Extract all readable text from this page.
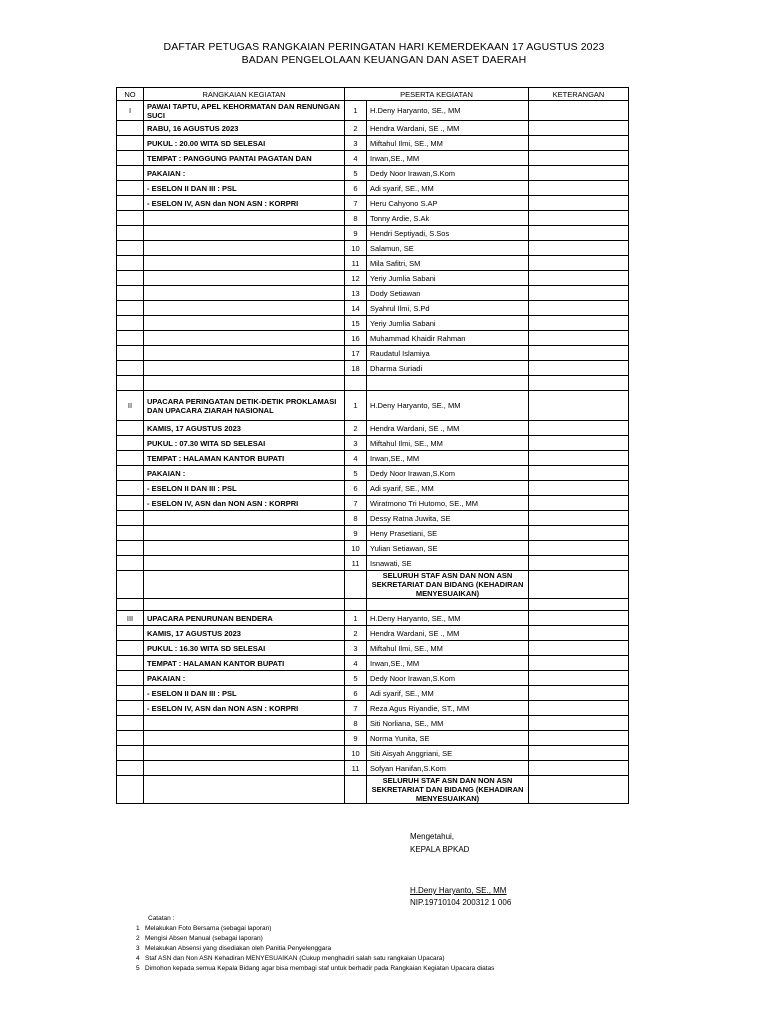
DAFTAR PETUGAS RANGKAIAN PERINGATAN HARI KEMERDEKAAN 17 AGUSTUS 2023
BADAN PENGELOLAAN KEUANGAN DAN ASET DAERAH
NO	RANGKAIAN KEGIATAN	PESERTA KEGIATAN		KETERANGAN
I	PAWAI TAPTU, APEL KEHORMATAN DAN RENUNGAN SUCI	1	H.Deny Haryanto, SE., MM	
	RABU, 16 AGUSTUS 2023	2	Hendra Wardani, SE ., MM	
	PUKUL : 20.00 WITA SD SELESAI	3	Miftahul Ilmi, SE., MM	
	TEMPAT : PANGGUNG PANTAI PAGATAN DAN	4	Irwan,SE., MM	
	PAKAIAN :	5	Dedy Noor Irawan,S.Kom	
	- ESELON II DAN III : PSL	6	Adi syarif, SE., MM	
	- ESELON IV, ASN dan NON ASN : KORPRI	7	Heru Cahyono S.AP	
		8	Tonny Ardie, S.Ak	
		9	Hendri Septiyadi, S.Sos	
		10	Salamun, SE	
		11	Mila Safitri, SM	
		12	Yeriy Jumlia Sabani	
		13	Dody Setiawan	
		14	Syahrul Ilmi, S.Pd	
		15	Yeriy Jumlia Sabani	
		16	Muhammad Khaidir Rahman	
		17	Raudatul Islamiya	
		18	Dharma Suriadi	

II	UPACARA PERINGATAN DETIK-DETIK PROKLAMASI DAN UPACARA ZIARAH NASIONAL	1	H.Deny Haryanto, SE., MM	
	KAMIS, 17 AGUSTUS 2023	2	Hendra Wardani, SE ., MM	
	PUKUL : 07.30 WITA SD SELESAI	3	Miftahul Ilmi, SE., MM	
	TEMPAT : HALAMAN KANTOR BUPATI	4	Irwan,SE., MM	
	PAKAIAN :	5	Dedy Noor Irawan,S.Kom	
	- ESELON II DAN III : PSL	6	Adi syarif, SE., MM	
	- ESELON IV, ASN dan NON ASN : KORPRI	7	Wiratmono Tri Hutomo, SE., MM	
		8	Dessy Ratna Juwita, SE	
		9	Heny Prasetiani, SE	
		10	Yulian Setiawan, SE	
		11	Isnawati, SE	
			SELURUH STAF ASN DAN NON ASN SEKRETARIAT DAN BIDANG (KEHADIRAN MENYESUAIKAN)	

III	UPACARA PENURUNAN BENDERA	1	H.Deny Haryanto, SE., MM	
	KAMIS, 17 AGUSTUS 2023	2	Hendra Wardani, SE ., MM	
	PUKUL : 16.30 WITA SD SELESAI	3	Miftahul Ilmi, SE., MM	
	TEMPAT : HALAMAN KANTOR BUPATI	4	Irwan,SE., MM	
	PAKAIAN :	5	Dedy Noor Irawan,S.Kom	
	- ESELON II DAN III : PSL	6	Adi syarif, SE., MM	
	- ESELON IV, ASN dan NON ASN : KORPRI	7	Reza Agus Riyandie, ST., MM	
		8	Siti Norliana, SE., MM	
		9	Norma Yunita, SE	
		10	Siti Aisyah Anggriani, SE	
		11	Sofyan Hanifan,S.Kom	
			SELURUH STAF ASN DAN NON ASN SEKRETARIAT DAN BIDANG (KEHADIRAN MENYESUAIKAN)	
Mengetahui,
KEPALA BPKAD
H.Deny Haryanto, SE., MM
NIP.19710104 200312 1 006
Catatan :
1 Melakukan Foto Bersama (sebagai laporan)
2 Mengisi Absen Manual (sebagai laporan)
3 Melakukan Absensi yang disediakan oleh Panitia Penyelenggara
4 Staf ASN dan Non ASN Kehadiran MENYESUAIKAN (Cukup menghadiri salah satu rangkaian Upacara)
5 Dimohon kepada semua Kepala Bidang agar bisa membagi staf untuk berhadir pada Rangkaian Kegiatan Upacara diatas
